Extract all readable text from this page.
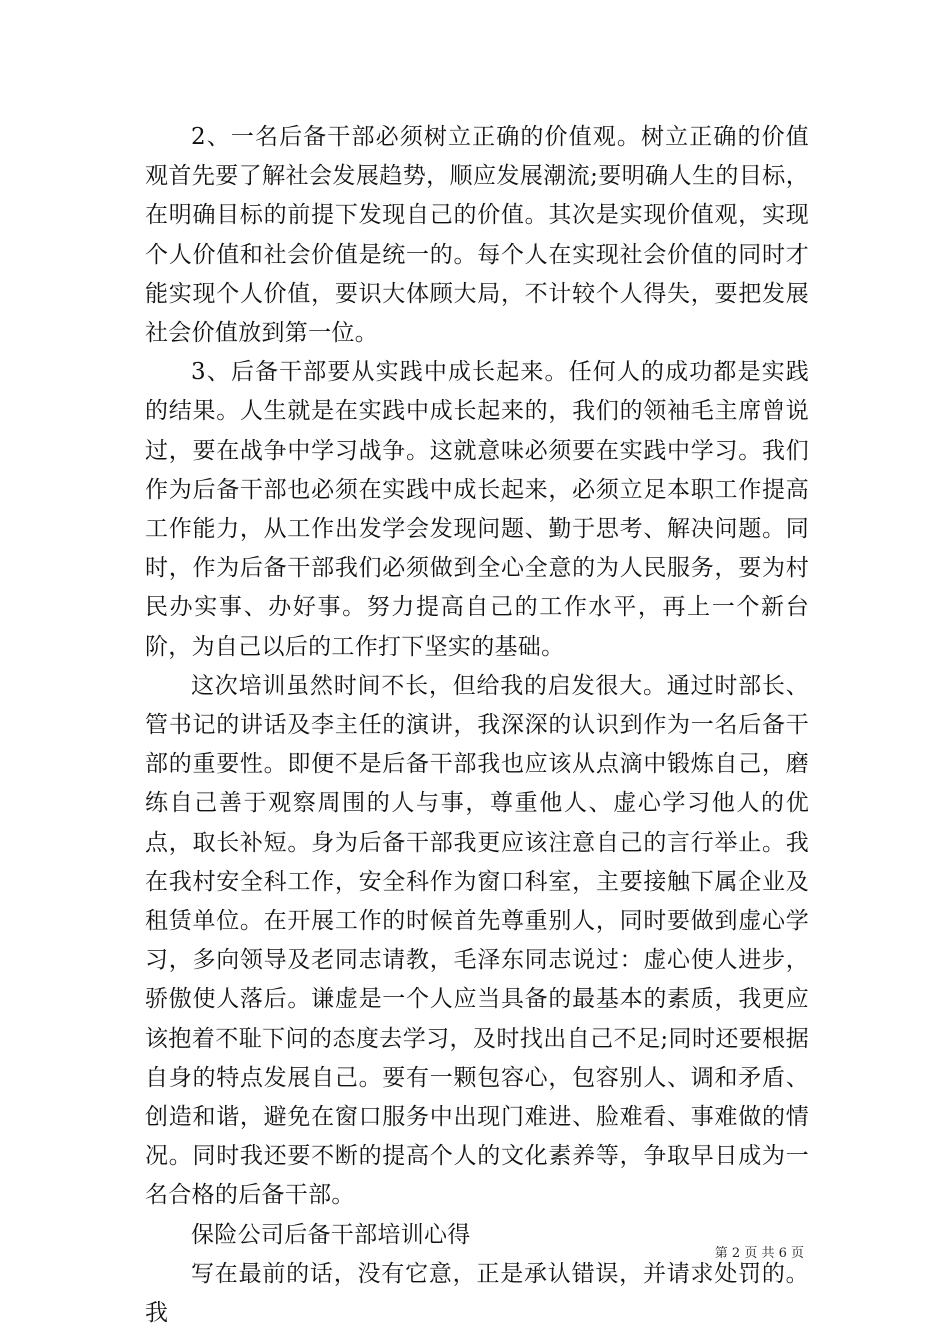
2、一名后备干部必须树立正确的价值观。树立正确的价值观首先要了解社会发展趋势，顺应发展潮流;要明确人生的目标，在明确目标的前提下发现自己的价值。其次是实现价值观，实现个人价值和社会价值是统一的。每个人在实现社会价值的同时才能实现个人价值，要识大体顾大局，不计较个人得失，要把发展社会价值放到第一位。

3、后备干部要从实践中成长起来。任何人的成功都是实践的结果。人生就是在实践中成长起来的，我们的领袖毛主席曾说过，要在战争中学习战争。这就意味必须要在实践中学习。我们作为后备干部也必须在实践中成长起来，必须立足本职工作提高工作能力，从工作出发学会发现问题、勤于思考、解决问题。同时，作为后备干部我们必须做到全心全意的为人民服务，要为村民办实事、办好事。努力提高自己的工作水平，再上一个新台阶，为自己以后的工作打下坚实的基础。

这次培训虽然时间不长，但给我的启发很大。通过时部长、管书记的讲话及李主任的演讲，我深深的认识到作为一名后备干部的重要性。即便不是后备干部我也应该从点滴中锻炼自己，磨练自己善于观察周围的人与事，尊重他人、虚心学习他人的优点，取长补短。身为后备干部我更应该注意自己的言行举止。我在我村安全科工作，安全科作为窗口科室，主要接触下属企业及租赁单位。在开展工作的时候首先尊重别人，同时要做到虚心学习，多向领导及老同志请教，毛泽东同志说过：虚心使人进步，骄傲使人落后。谦虚是一个人应当具备的最基本的素质，我更应该抱着不耻下问的态度去学习，及时找出自己不足;同时还要根据自身的特点发展自己。要有一颗包容心，包容别人、调和矛盾、创造和谐，避免在窗口服务中出现门难进、脸难看、事难做的情况。同时我还要不断的提高个人的文化素养等，争取早日成为一名合格的后备干部。

保险公司后备干部培训心得

写在最前的话，没有它意，正是承认错误，并请求处罚的。我

第 2 页 共 6 页
